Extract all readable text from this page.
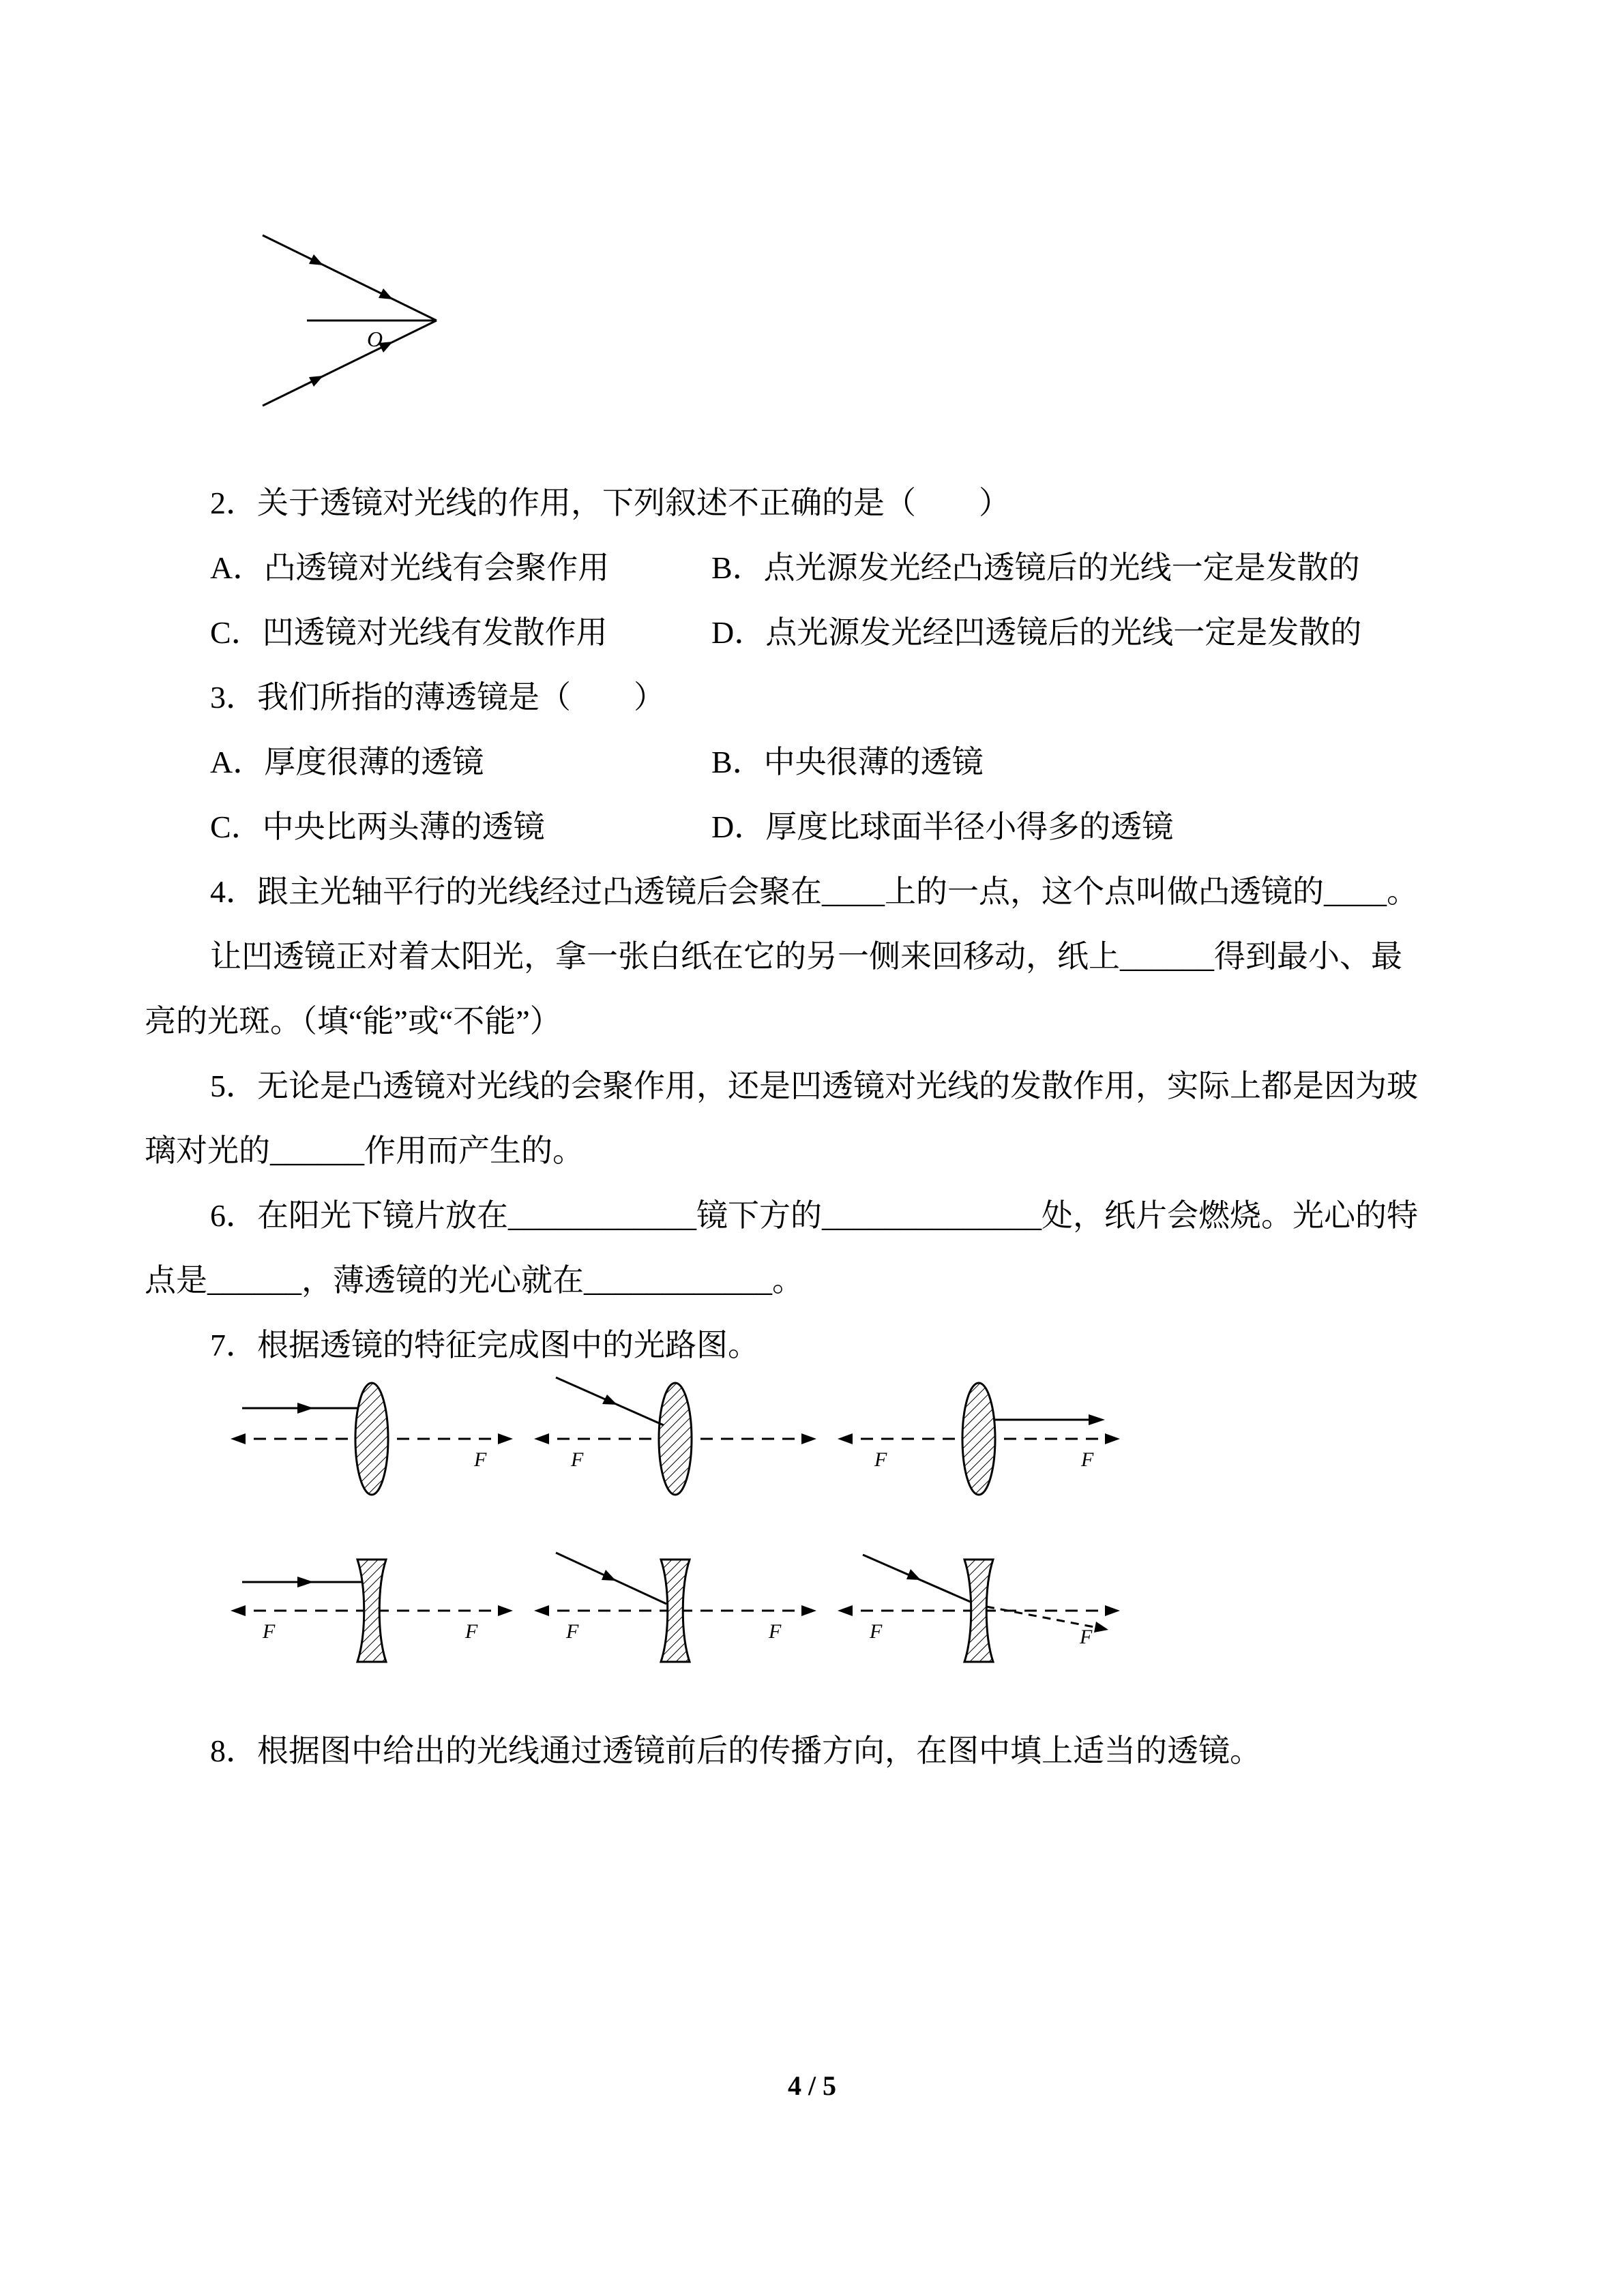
O
2．关于透镜对光线的作用，下列叙述不正确的是（　　）
A．凸透镜对光线有会聚作用	B．点光源发光经凸透镜后的光线一定是发散的
C．凹透镜对光线有发散作用	D．点光源发光经凹透镜后的光线一定是发散的
3．我们所指的薄透镜是（　　）
A．厚度很薄的透镜	B．中央很薄的透镜
C．中央比两头薄的透镜	D．厚度比球面半径小得多的透镜
4．跟主光轴平行的光线经过凸透镜后会聚在____上的一点，这个点叫做凸透镜的____。
让凹透镜正对着太阳光，拿一张白纸在它的另一侧来回移动，纸上______得到最小、最
亮的光斑。（填“能”或“不能”）
5．无论是凸透镜对光线的会聚作用，还是凹透镜对光线的发散作用，实际上都是因为玻
璃对光的______作用而产生的。
6．在阳光下镜片放在____________镜下方的______________处，纸片会燃烧。光心的特
点是______，薄透镜的光心就在____________。
7．根据透镜的特征完成图中的光路图。
F	F	F	F
F	F	F	F	F	F
8．根据图中给出的光线通过透镜前后的传播方向，在图中填上适当的透镜。
4 / 5
